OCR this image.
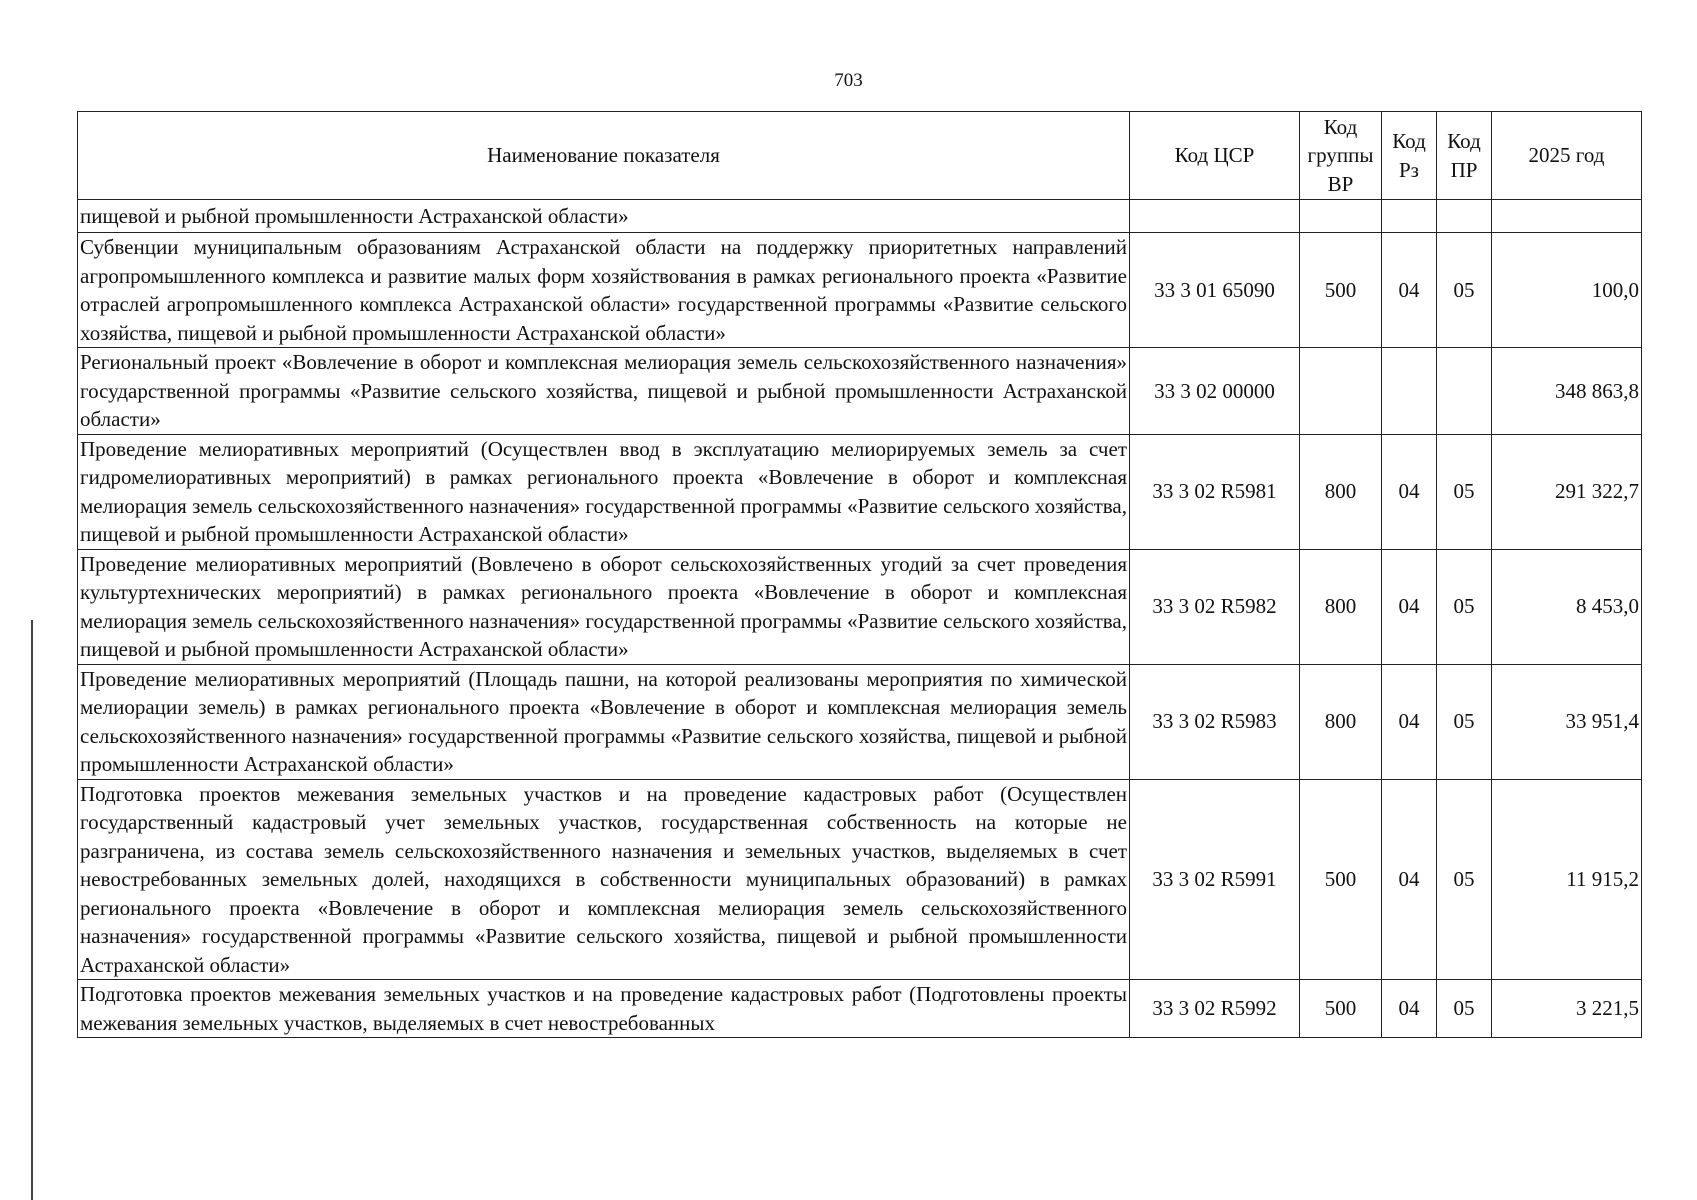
703
Наименование показателя	Код ЦСР	Код группы ВР	Код Рз	Код ПР	2025 год
пищевой и рыбной промышленности Астраханской области»					
Субвенции муниципальным образованиям Астраханской области на поддержку приоритетных направлений агропромышленного комплекса и развитие малых форм хозяйствования в рамках регионального проекта «Развитие отраслей агропромышленного комплекса Астраханской области» государственной программы «Развитие сельского хозяйства, пищевой и рыбной промышленности Астраханской области»	33 3 01 65090	500	04	05	100,0
Региональный проект «Вовлечение в оборот и комплексная мелиорация земель сельскохозяйственного назначения» государственной программы «Развитие сельского хозяйства, пищевой и рыбной промышленности Астраханской области»	33 3 02 00000				348 863,8
Проведение мелиоративных мероприятий (Осуществлен ввод в эксплуатацию мелиорируемых земель за счет гидромелиоративных мероприятий) в рамках регионального проекта «Вовлечение в оборот и комплексная мелиорация земель сельскохозяйственного назначения» государственной программы «Развитие сельского хозяйства, пищевой и рыбной промышленности Астраханской области»	33 3 02 R5981	800	04	05	291 322,7
Проведение мелиоративных мероприятий (Вовлечено в оборот сельскохозяйственных угодий за счет проведения культуртехнических мероприятий) в рамках регионального проекта «Вовлечение в оборот и комплексная мелиорация земель сельскохозяйственного назначения» государственной программы «Развитие сельского хозяйства, пищевой и рыбной промышленности Астраханской области»	33 3 02 R5982	800	04	05	8 453,0
Проведение мелиоративных мероприятий (Площадь пашни, на которой реализованы мероприятия по химической мелиорации земель) в рамках регионального проекта «Вовлечение в оборот и комплексная мелиорация земель сельскохозяйственного назначения» государственной программы «Развитие сельского хозяйства, пищевой и рыбной промышленности Астраханской области»	33 3 02 R5983	800	04	05	33 951,4
Подготовка проектов межевания земельных участков и на проведение кадастровых работ (Осуществлен государственный кадастровый учет земельных участков, государственная собственность на которые не разграничена, из состава земель сельскохозяйственного назначения и земельных участков, выделяемых в счет невостребованных земельных долей, находящихся в собственности муниципальных образований) в рамках регионального проекта «Вовлечение в оборот и комплексная мелиорация земель сельскохозяйственного назначения» государственной программы «Развитие сельского хозяйства, пищевой и рыбной промышленности Астраханской области»	33 3 02 R5991	500	04	05	11 915,2
Подготовка проектов межевания земельных участков и на проведение кадастровых работ (Подготовлены проекты межевания земельных участков, выделяемых в счет невостребованных	33 3 02 R5992	500	04	05	3 221,5
